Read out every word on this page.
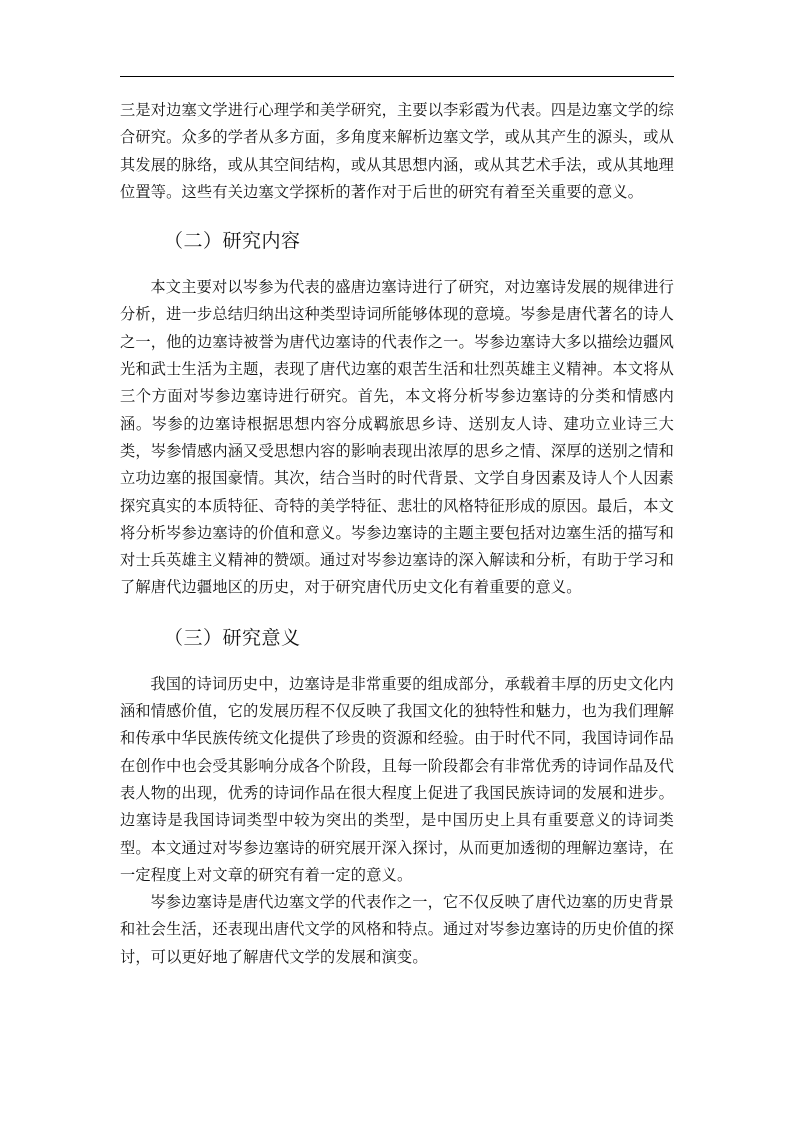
三是对边塞文学进行心理学和美学研究，主要以李彩霞为代表。四是边塞文学的综合研究。众多的学者从多方面，多角度来解析边塞文学，或从其产生的源头，或从其发展的脉络，或从其空间结构，或从其思想内涵，或从其艺术手法，或从其地理位置等。这些有关边塞文学探析的著作对于后世的研究有着至关重要的意义。

（二）研究内容

本文主要对以岑参为代表的盛唐边塞诗进行了研究，对边塞诗发展的规律进行分析，进一步总结归纳出这种类型诗词所能够体现的意境。岑参是唐代著名的诗人之一，他的边塞诗被誉为唐代边塞诗的代表作之一。岑参边塞诗大多以描绘边疆风光和武士生活为主题，表现了唐代边塞的艰苦生活和壮烈英雄主义精神。本文将从三个方面对岑参边塞诗进行研究。首先，本文将分析岑参边塞诗的分类和情感内涵。岑参的边塞诗根据思想内容分成羁旅思乡诗、送别友人诗、建功立业诗三大类，岑参情感内涵又受思想内容的影响表现出浓厚的思乡之情、深厚的送别之情和立功边塞的报国豪情。其次，结合当时的时代背景、文学自身因素及诗人个人因素探究真实的本质特征、奇特的美学特征、悲壮的风格特征形成的原因。最后，本文将分析岑参边塞诗的价值和意义。岑参边塞诗的主题主要包括对边塞生活的描写和对士兵英雄主义精神的赞颂。通过对岑参边塞诗的深入解读和分析，有助于学习和了解唐代边疆地区的历史，对于研究唐代历史文化有着重要的意义。

（三）研究意义

我国的诗词历史中，边塞诗是非常重要的组成部分，承载着丰厚的历史文化内涵和情感价值，它的发展历程不仅反映了我国文化的独特性和魅力，也为我们理解和传承中华民族传统文化提供了珍贵的资源和经验。由于时代不同，我国诗词作品在创作中也会受其影响分成各个阶段，且每一阶段都会有非常优秀的诗词作品及代表人物的出现，优秀的诗词作品在很大程度上促进了我国民族诗词的发展和进步。边塞诗是我国诗词类型中较为突出的类型，是中国历史上具有重要意义的诗词类型。本文通过对岑参边塞诗的研究展开深入探讨，从而更加透彻的理解边塞诗，在一定程度上对文章的研究有着一定的意义。

岑参边塞诗是唐代边塞文学的代表作之一，它不仅反映了唐代边塞的历史背景和社会生活，还表现出唐代文学的风格和特点。通过对岑参边塞诗的历史价值的探讨，可以更好地了解唐代文学的发展和演变。
